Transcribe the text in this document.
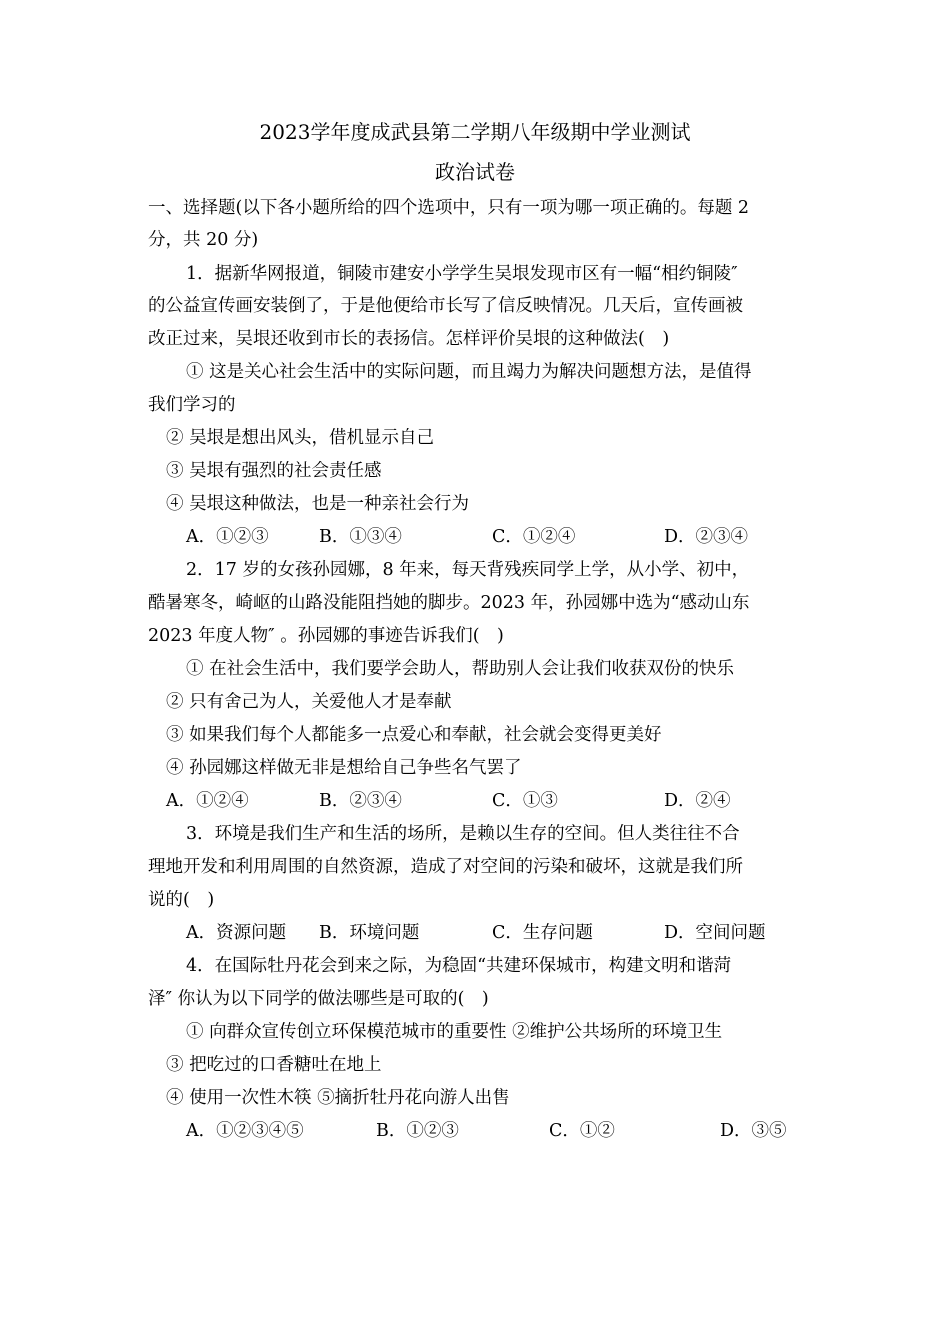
2023学年度成武县第二学期八年级期中学业测试
政治试卷
一、选择题(以下各小题所给的四个选项中，只有一项为哪一项正确的。每题 2
分，共 20 分)
1．据新华网报道，铜陵市建安小学学生吴垠发现市区有一幅“相约铜陵″
的公益宣传画安装倒了，于是他便给市长写了信反映情况。几天后，宣传画被
改正过来，吴垠还收到市长的表扬信。怎样评价吴垠的这种做法(　)
① 这是关心社会生活中的实际问题，而且竭力为解决问题想方法，是值得
我们学习的
② 吴垠是想出风头，借机显示自己
③ 吴垠有强烈的社会责任感
④ 吴垠这种做法，也是一种亲社会行为
A．①②③	B．①③④	C．①②④	D．②③④
2．17 岁的女孩孙园娜，8 年来，每天背残疾同学上学，从小学、初中，
酷暑寒冬，崎岖的山路没能阻挡她的脚步。2023 年，孙园娜中选为“感动山东
2023 年度人物″ 。孙园娜的事迹告诉我们(　)
① 在社会生活中，我们要学会助人，帮助别人会让我们收获双份的快乐
② 只有舍己为人，关爱他人才是奉献
③ 如果我们每个人都能多一点爱心和奉献，社会就会变得更美好
④ 孙园娜这样做无非是想给自己争些名气罢了
A．①②④	B．②③④	C．①③	D．②④
3．环境是我们生产和生活的场所，是赖以生存的空间。但人类往往不合
理地开发和利用周围的自然资源，造成了对空间的污染和破坏，这就是我们所
说的(　)
A．资源问题 B．环境问题	C．生存问题	D．空间问题
4．在国际牡丹花会到来之际，为稳固“共建环保城市，构建文明和谐菏
泽″ 你认为以下同学的做法哪些是可取的(　)
① 向群众宣传创立环保模范城市的重要性 ②维护公共场所的环境卫生
③ 把吃过的口香糖吐在地上
④ 使用一次性木筷 ⑤摘折牡丹花向游人出售
A．①②③④⑤	B．①②③	C．①②	D．③⑤
